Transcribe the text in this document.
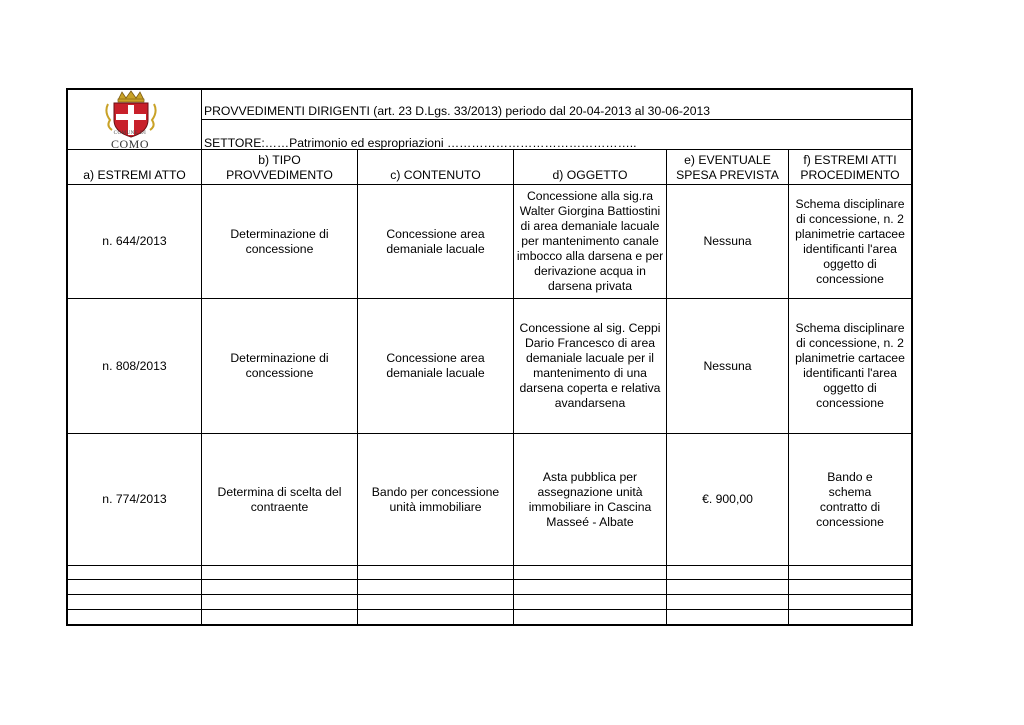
COMUNE DI
COMO
PROVVEDIMENTI DIRIGENTI (art. 23 D.Lgs. 33/2013) periodo dal 20-04-2013 al 30-06-2013
SETTORE:……Patrimonio ed espropriazioni ………………………………………..
a) ESTREMI ATTO
b) TIPO
PROVVEDIMENTO	c) CONTENUTO	d) OGGETTO
e) EVENTUALE
SPESA PREVISTA
f) ESTREMI ATTI
PROCEDIMENTO
n. 644/2013
Determinazione di concessione
Concessione area demaniale lacuale
Concessione alla sig.ra Walter Giorgina Battiostini di area demaniale lacuale per mantenimento canale imbocco alla darsena e per derivazione acqua in darsena privata
Nessuna
Schema disciplinare di concessione, n. 2 planimetrie cartacee identificanti l'area oggetto di concessione
n. 808/2013
Determinazione di concessione
Concessione area demaniale lacuale
Concessione al sig. Ceppi Dario Francesco di area demaniale lacuale per il mantenimento di una darsena coperta e relativa avandarsena
Nessuna
Schema disciplinare di concessione, n. 2 planimetrie cartacee identificanti l'area oggetto di concessione
n. 774/2013
Determina di scelta del contraente
Bando per concessione unità immobiliare
Asta pubblica per assegnazione unità immobiliare in Cascina Masseé - Albate
€. 900,00
Bando e schema contratto di concessione
